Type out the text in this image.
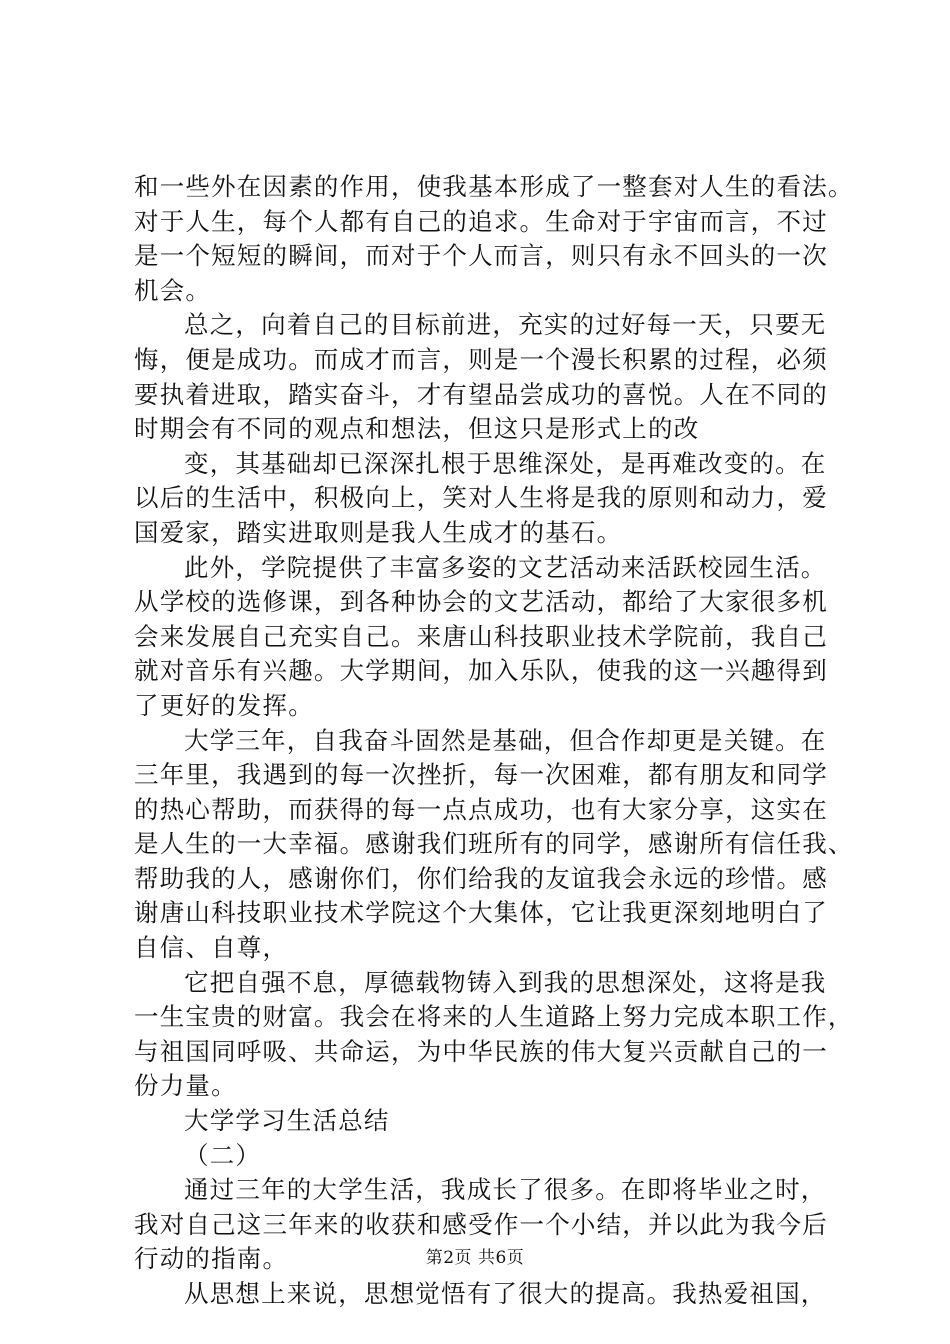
和一些外在因素的作用，使我基本形成了一整套对人生的看法。
对于人生，每个人都有自己的追求。生命对于宇宙而言，不过
是一个短短的瞬间，而对于个人而言，则只有永不回头的一次
机会。
总之，向着自己的目标前进，充实的过好每一天，只要无
悔，便是成功。而成才而言，则是一个漫长积累的过程，必须
要执着进取，踏实奋斗，才有望品尝成功的喜悦。人在不同的
时期会有不同的观点和想法，但这只是形式上的改
变，其基础却已深深扎根于思维深处，是再难改变的。在
以后的生活中，积极向上，笑对人生将是我的原则和动力，爱
国爱家，踏实进取则是我人生成才的基石。
此外，学院提供了丰富多姿的文艺活动来活跃校园生活。
从学校的选修课，到各种协会的文艺活动，都给了大家很多机
会来发展自己充实自己。来唐山科技职业技术学院前，我自己
就对音乐有兴趣。大学期间，加入乐队，使我的这一兴趣得到
了更好的发挥。
大学三年，自我奋斗固然是基础，但合作却更是关键。在
三年里，我遇到的每一次挫折，每一次困难，都有朋友和同学
的热心帮助，而获得的每一点点成功，也有大家分享，这实在
是人生的一大幸福。感谢我们班所有的同学，感谢所有信任我、
帮助我的人，感谢你们，你们给我的友谊我会永远的珍惜。感
谢唐山科技职业技术学院这个大集体，它让我更深刻地明白了
自信、自尊，
它把自强不息，厚德载物铸入到我的思想深处，这将是我
一生宝贵的财富。我会在将来的人生道路上努力完成本职工作，
与祖国同呼吸、共命运，为中华民族的伟大复兴贡献自己的一
份力量。
大学学习生活总结
（二）
通过三年的大学生活，我成长了很多。在即将毕业之时，
我对自己这三年来的收获和感受作一个小结，并以此为我今后
行动的指南。
从思想上来说，思想觉悟有了很大的提高。我热爱祖国，
第2页 共6页
